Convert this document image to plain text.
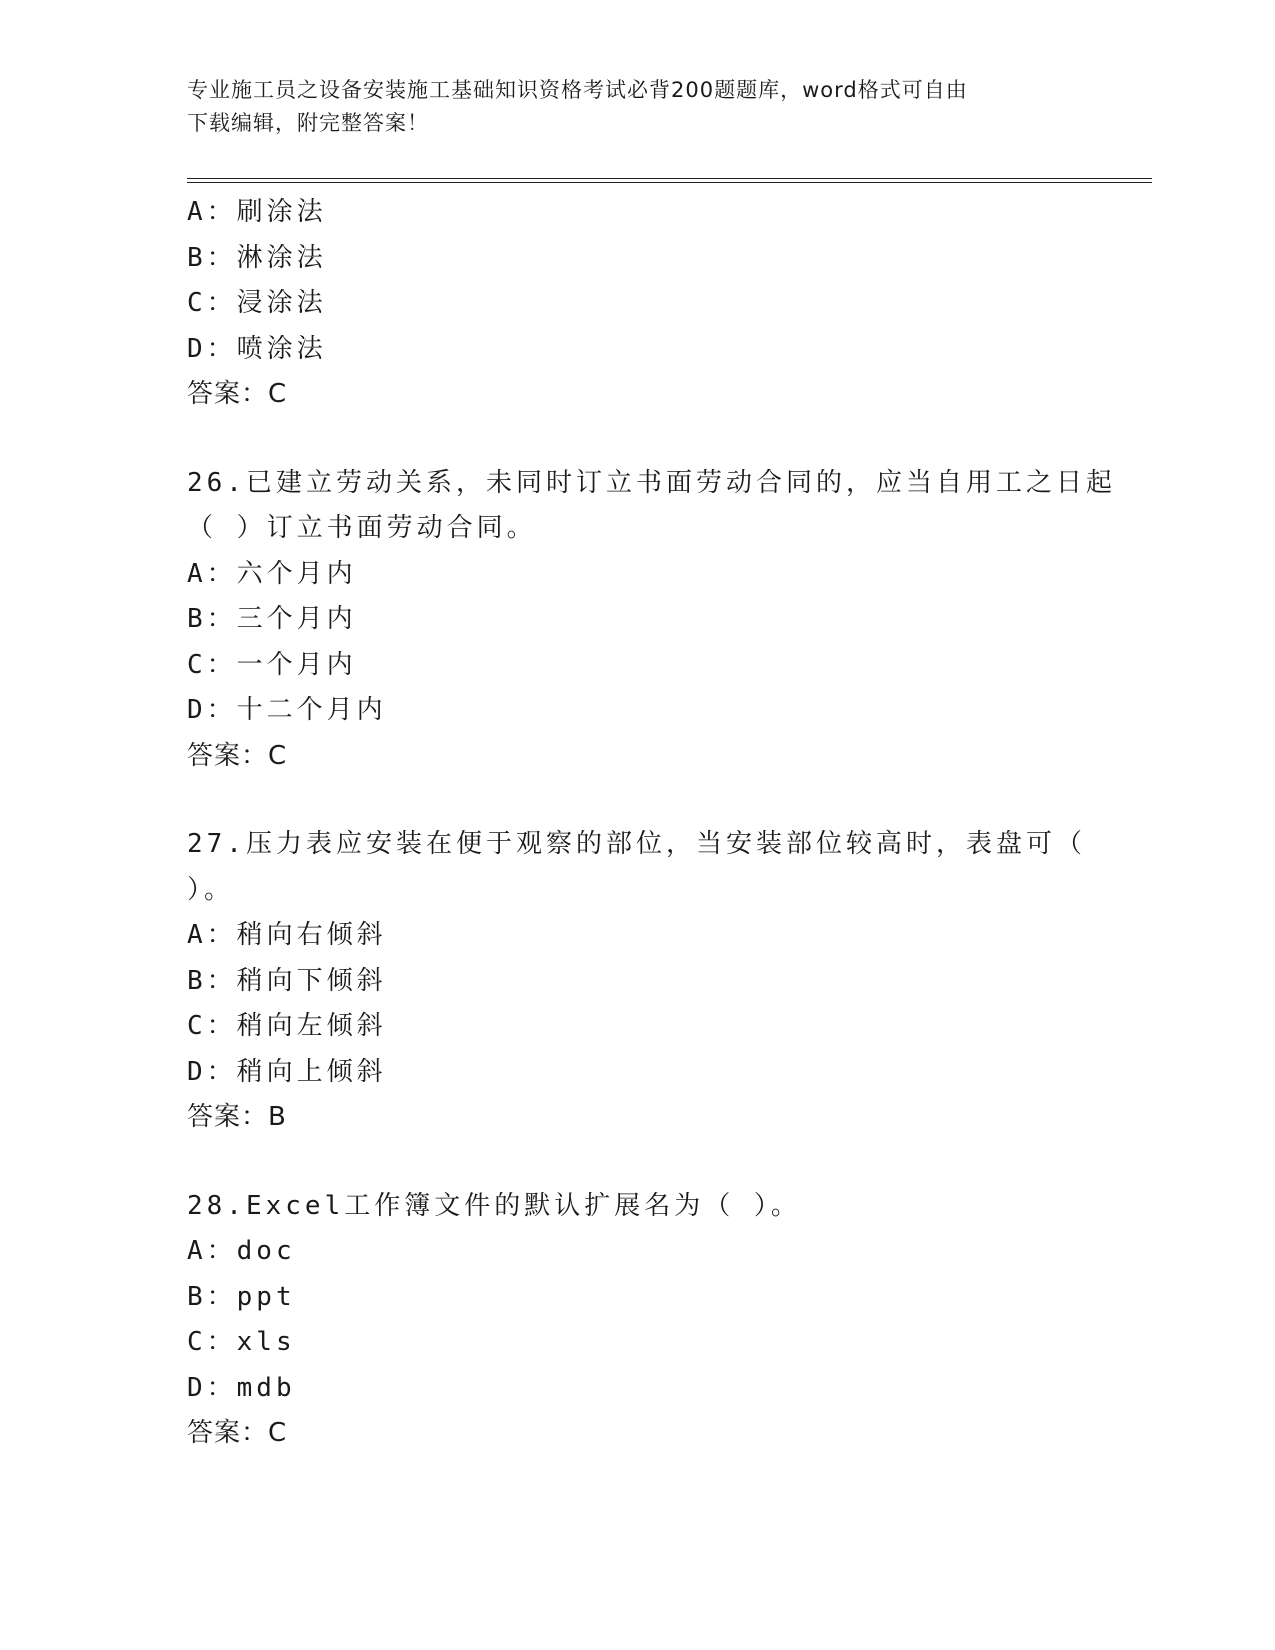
专业施工员之设备安装施工基础知识资格考试必背200题题库，word格式可自由
下载编辑，附完整答案！
A：刷涂法
B：淋涂法
C：浸涂法
D：喷涂法
答案：C
26.已建立劳动关系，未同时订立书面劳动合同的，应当自用工之日起
（ ）订立书面劳动合同。
A：六个月内
B：三个月内
C：一个月内
D：十二个月内
答案：C
27.压力表应安装在便于观察的部位，当安装部位较高时，表盘可（
）。
A：稍向右倾斜
B：稍向下倾斜
C：稍向左倾斜
D：稍向上倾斜
答案：B
28.Excel工作簿文件的默认扩展名为（ ）。
A：doc
B：ppt
C：xls
D：mdb
答案：C
